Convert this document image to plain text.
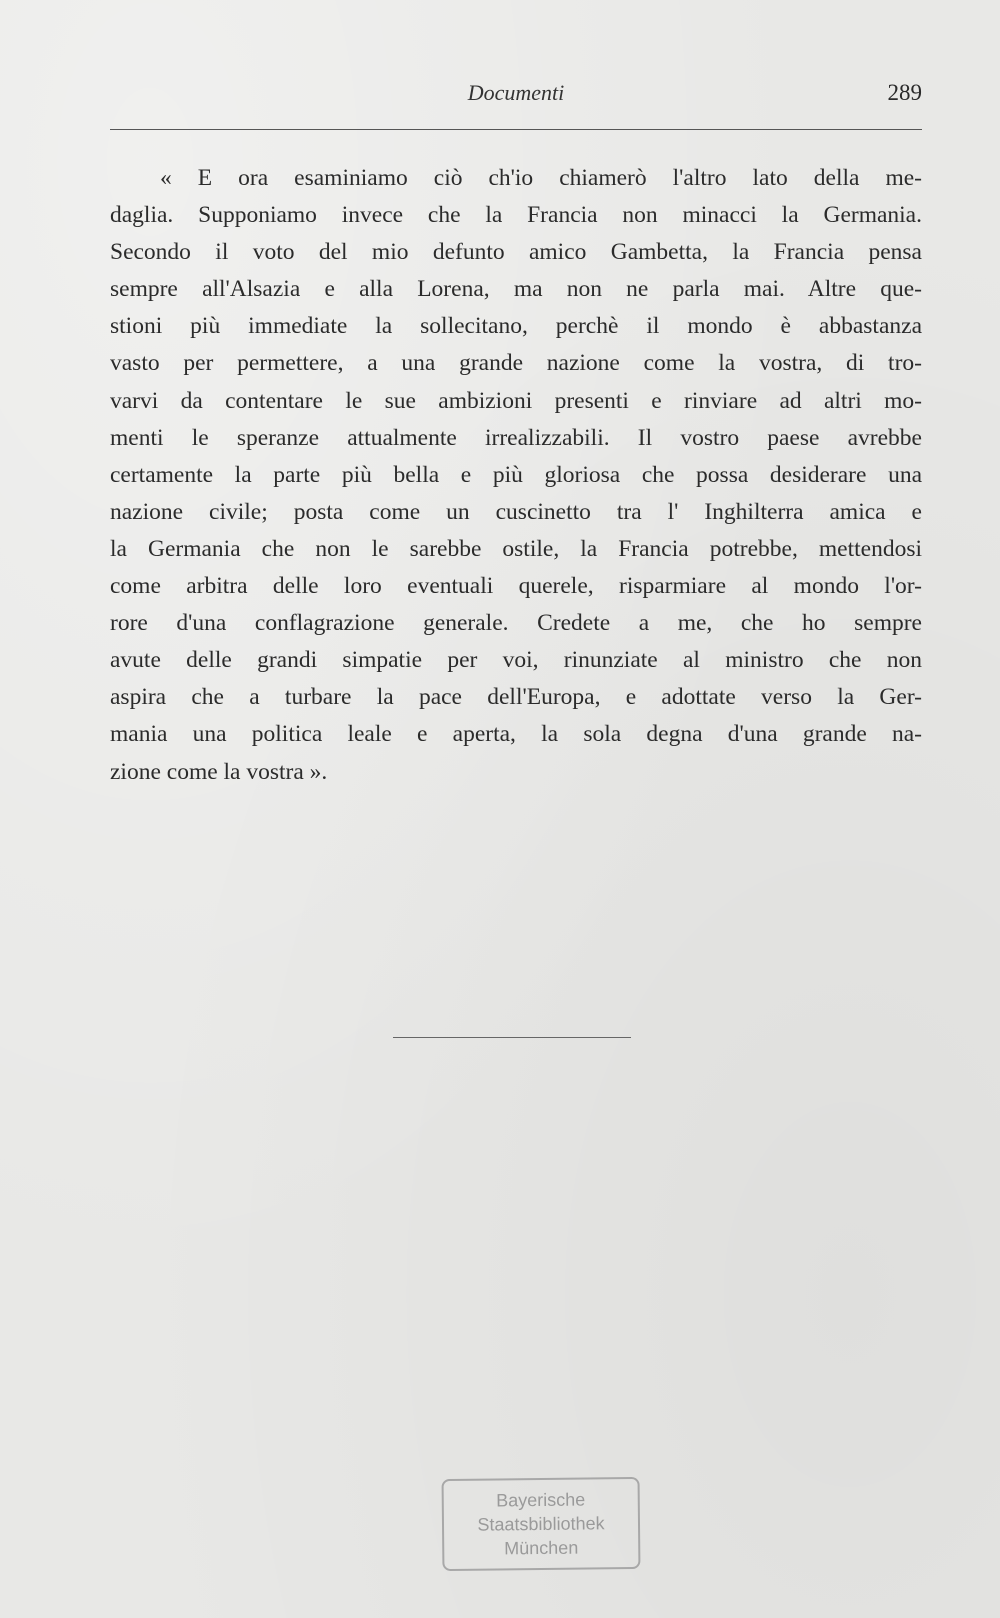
Documenti	289
« E ora esaminiamo ciò ch'io chiamerò l'altro lato della me-
daglia. Supponiamo invece che la Francia non minacci la Germania.
Secondo il voto del mio defunto amico Gambetta, la Francia pensa
sempre all'Alsazia e alla Lorena, ma non ne parla mai. Altre que-
stioni più immediate la sollecitano, perchè il mondo è abbastanza
vasto per permettere, a una grande nazione come la vostra, di tro-
varvi da contentare le sue ambizioni presenti e rinviare ad altri mo-
menti le speranze attualmente irrealizzabili. Il vostro paese avrebbe
certamente la parte più bella e più gloriosa che possa desiderare una
nazione civile; posta come un cuscinetto tra l' Inghilterra amica e
la Germania che non le sarebbe ostile, la Francia potrebbe, mettendosi
come arbitra delle loro eventuali querele, risparmiare al mondo l'or-
rore d'una conflagrazione generale. Credete a me, che ho sempre
avute delle grandi simpatie per voi, rinunziate al ministro che non
aspira che a turbare la pace dell'Europa, e adottate verso la Ger-
mania una politica leale e aperta, la sola degna d'una grande na-
zione come la vostra ».
Bayerische
Staatsbibliothek
München
